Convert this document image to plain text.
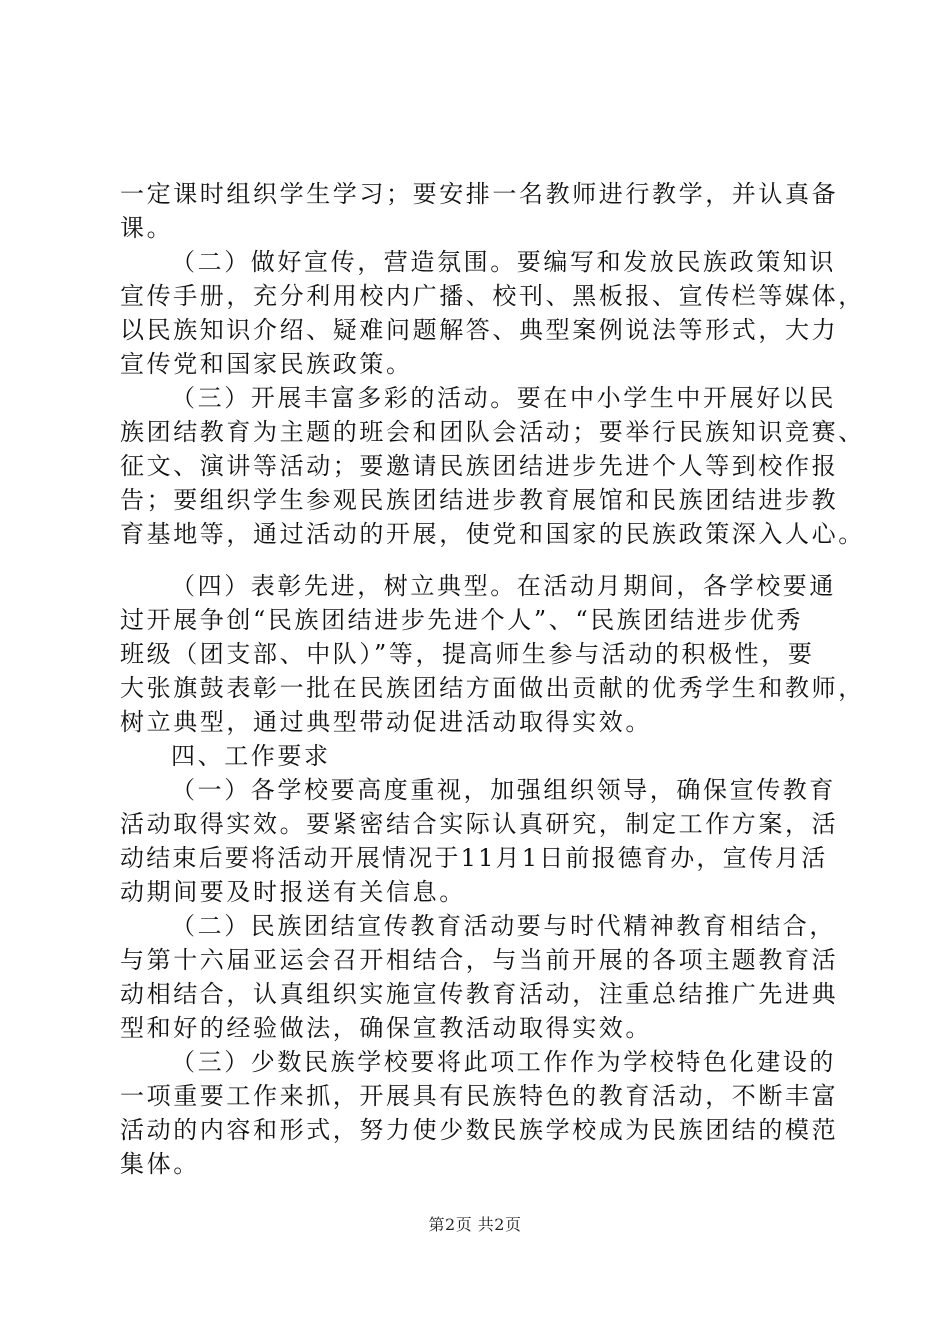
一定课时组织学生学习；要安排一名教师进行教学，并认真备
课。
（二）做好宣传，营造氛围。要编写和发放民族政策知识
宣传手册，充分利用校内广播、校刊、黑板报、宣传栏等媒体，
以民族知识介绍、疑难问题解答、典型案例说法等形式，大力
宣传党和国家民族政策。
（三）开展丰富多彩的活动。要在中小学生中开展好以民
族团结教育为主题的班会和团队会活动；要举行民族知识竞赛、
征文、演讲等活动；要邀请民族团结进步先进个人等到校作报
告；要组织学生参观民族团结进步教育展馆和民族团结进步教
育基地等，通过活动的开展，使党和国家的民族政策深入人心。
（四）表彰先进，树立典型。在活动月期间，各学校要通
过开展争创“民族团结进步先进个人”、“民族团结进步优秀
班级（团支部、中队）”等，提高师生参与活动的积极性，要
大张旗鼓表彰一批在民族团结方面做出贡献的优秀学生和教师，
树立典型，通过典型带动促进活动取得实效。
四、工作要求
（一）各学校要高度重视，加强组织领导，确保宣传教育
活动取得实效。要紧密结合实际认真研究，制定工作方案，活
动结束后要将活动开展情况于11月1日前报德育办，宣传月活
动期间要及时报送有关信息。
（二）民族团结宣传教育活动要与时代精神教育相结合，
与第十六届亚运会召开相结合，与当前开展的各项主题教育活
动相结合，认真组织实施宣传教育活动，注重总结推广先进典
型和好的经验做法，确保宣教活动取得实效。
（三）少数民族学校要将此项工作作为学校特色化建设的
一项重要工作来抓，开展具有民族特色的教育活动，不断丰富
活动的内容和形式，努力使少数民族学校成为民族团结的模范
集体。
第2页 共2页
